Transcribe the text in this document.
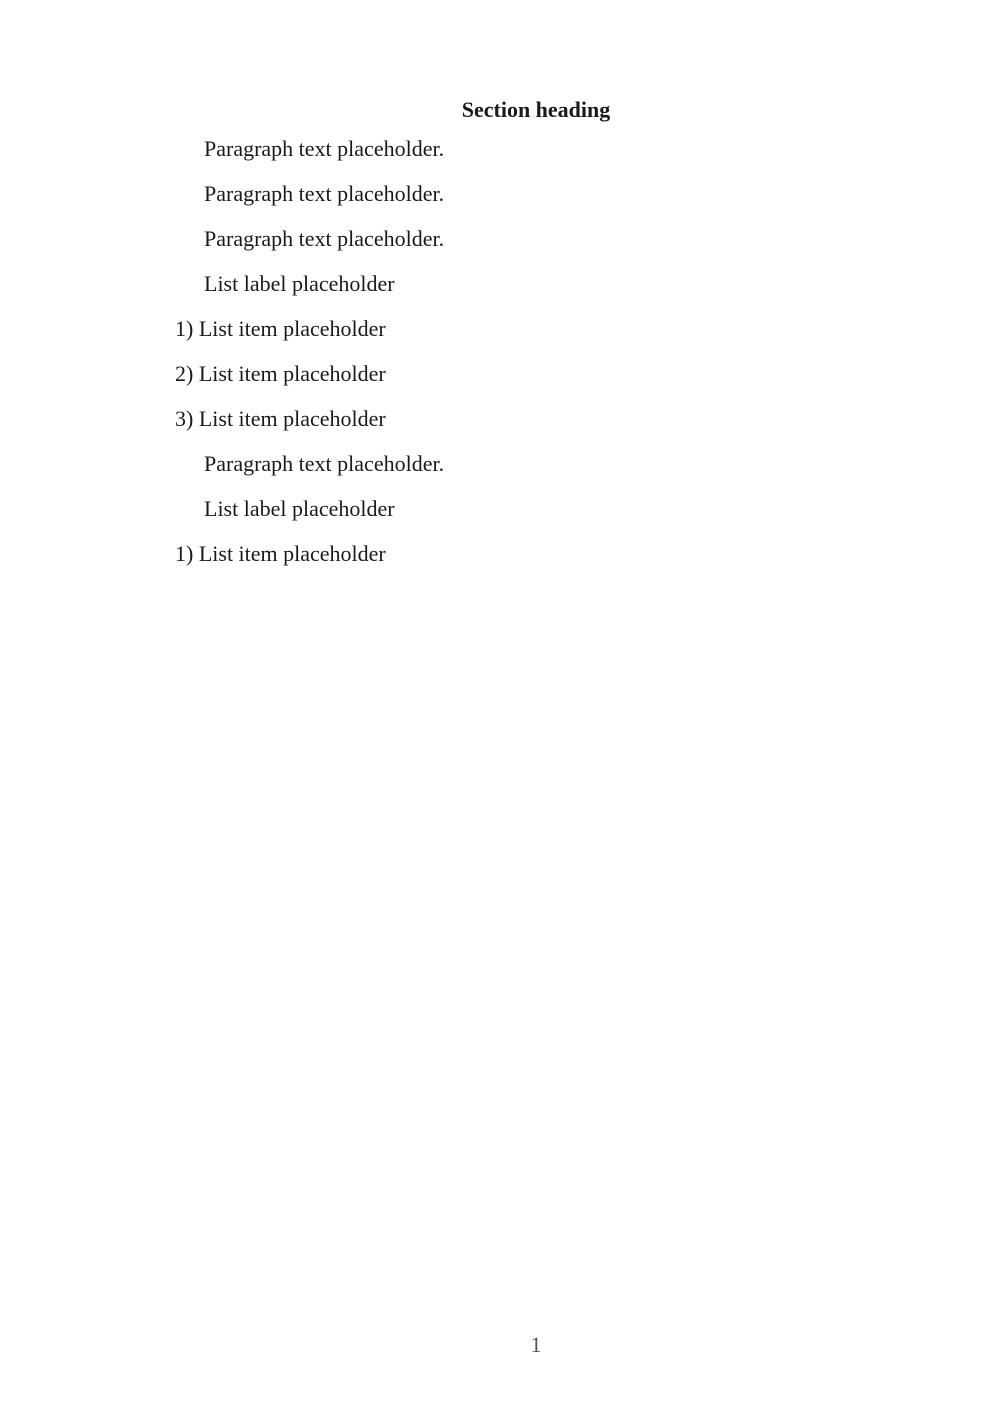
Section heading

Paragraph text placeholder.

Paragraph text placeholder.

Paragraph text placeholder.

List label placeholder

1) List item placeholder

2) List item placeholder

3) List item placeholder

Paragraph text placeholder.

List label placeholder

1) List item placeholder

1
